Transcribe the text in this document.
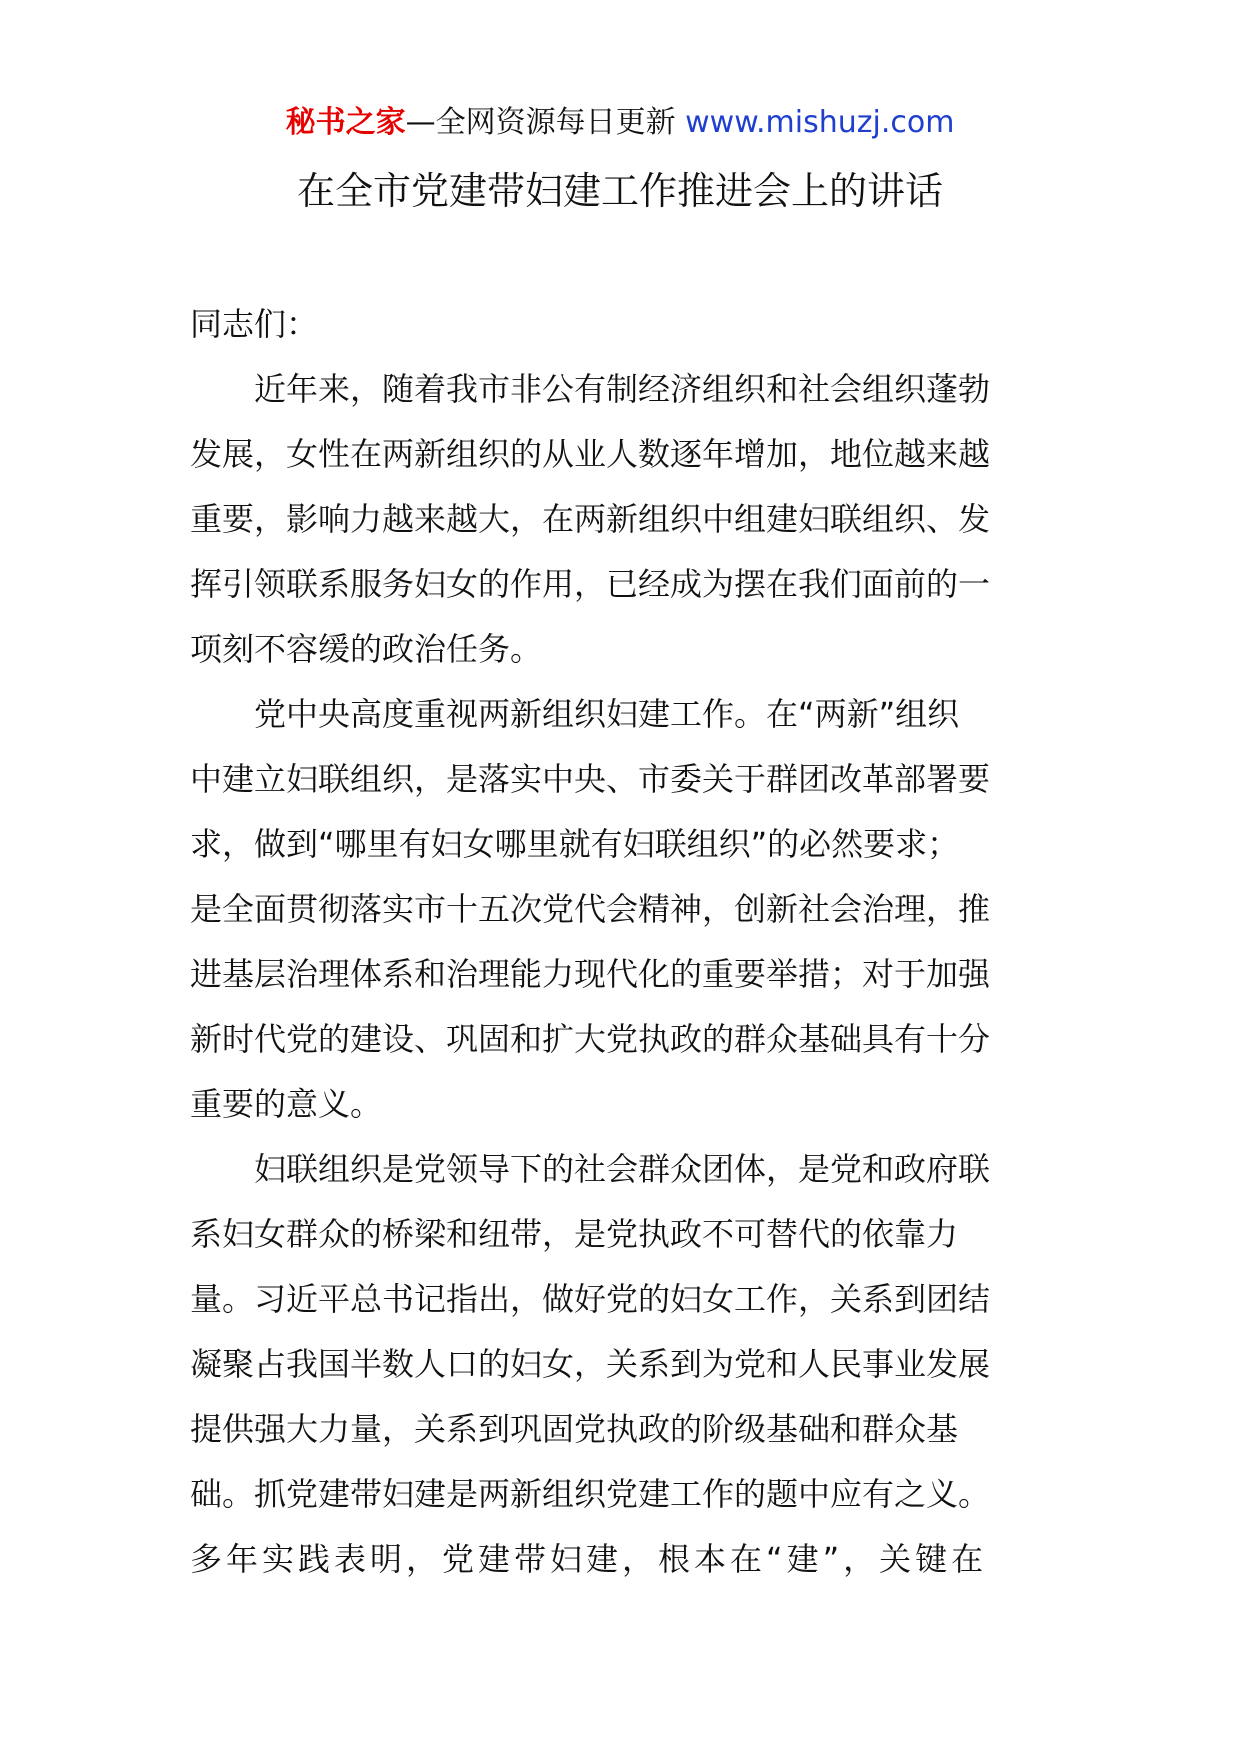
秘书之家—全网资源每日更新 www.mishuzj.com
在全市党建带妇建工作推进会上的讲话

同志们：

近年来，随着我市非公有制经济组织和社会组织蓬勃
发展，女性在两新组织的从业人数逐年增加，地位越来越
重要，影响力越来越大，在两新组织中组建妇联组织、发
挥引领联系服务妇女的作用，已经成为摆在我们面前的一
项刻不容缓的政治任务。
党中央高度重视两新组织妇建工作。在“两新”组织
中建立妇联组织，是落实中央、市委关于群团改革部署要
求，做到“哪里有妇女哪里就有妇联组织”的必然要求；
是全面贯彻落实市十五次党代会精神，创新社会治理，推
进基层治理体系和治理能力现代化的重要举措；对于加强
新时代党的建设、巩固和扩大党执政的群众基础具有十分
重要的意义。
妇联组织是党领导下的社会群众团体，是党和政府联
系妇女群众的桥梁和纽带，是党执政不可替代的依靠力
量。习近平总书记指出，做好党的妇女工作，关系到团结
凝聚占我国半数人口的妇女，关系到为党和人民事业发展
提供强大力量，关系到巩固党执政的阶级基础和群众基
础。抓党建带妇建是两新组织党建工作的题中应有之义。
多年实践表明，党建带妇建，根本在“建”，关键在
